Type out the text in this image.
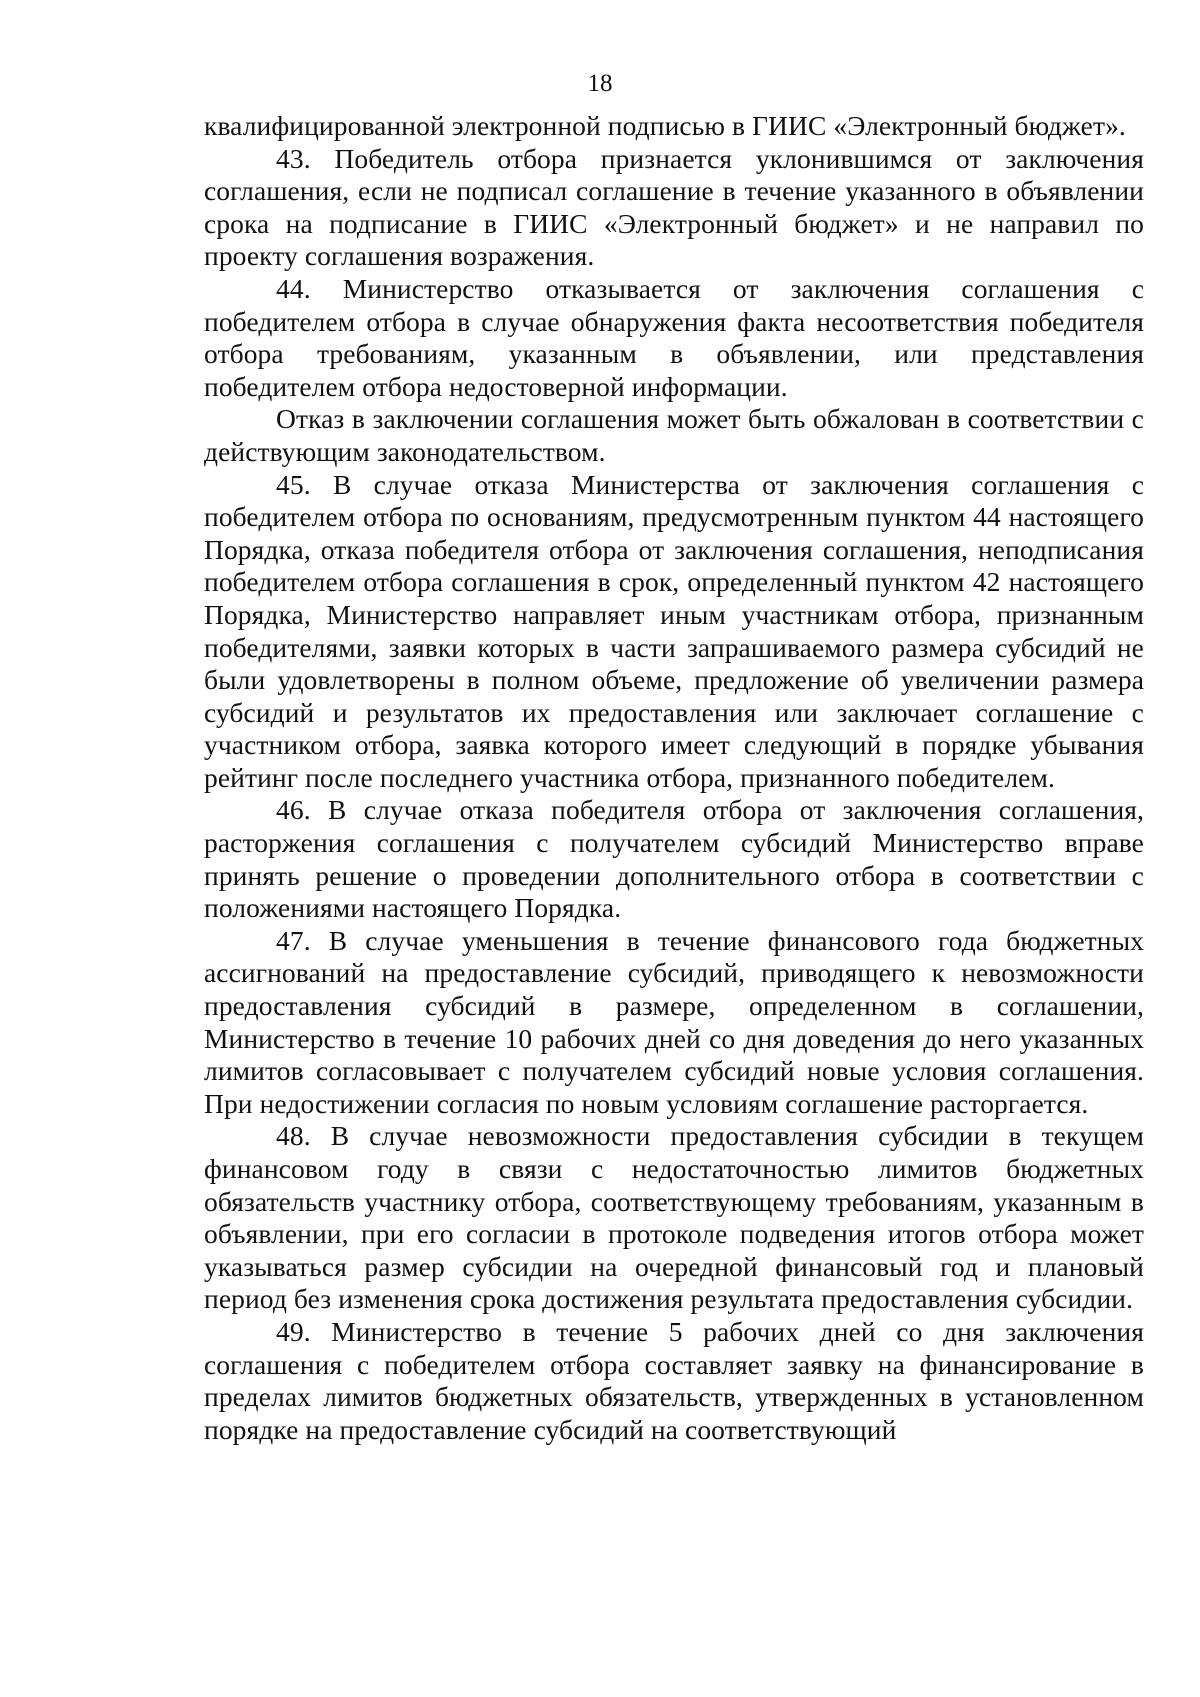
18

квалифицированной электронной подписью в ГИИС «Электронный бюджет».

43. Победитель отбора признается уклонившимся от заключения соглашения, если не подписал соглашение в течение указанного в объявлении срока на подписание в ГИИС «Электронный бюджет» и не направил по проекту соглашения возражения.

44. Министерство отказывается от заключения соглашения с победителем отбора в случае обнаружения факта несоответствия победителя отбора требованиям, указанным в объявлении, или представления победителем отбора недостоверной информации.

Отказ в заключении соглашения может быть обжалован в соответствии с действующим законодательством.

45. В случае отказа Министерства от заключения соглашения с победителем отбора по основаниям, предусмотренным пунктом 44 настоящего Порядка, отказа победителя отбора от заключения соглашения, неподписания победителем отбора соглашения в срок, определенный пунктом 42 настоящего Порядка, Министерство направляет иным участникам отбора, признанным победителями, заявки которых в части запрашиваемого размера субсидий не были удовлетворены в полном объеме, предложение об увеличении размера субсидий и результатов их предоставления или заключает соглашение с участником отбора, заявка которого имеет следующий в порядке убывания рейтинг после последнего участника отбора, признанного победителем.

46. В случае отказа победителя отбора от заключения соглашения, расторжения соглашения с получателем субсидий Министерство вправе принять решение о проведении дополнительного отбора в соответствии с положениями настоящего Порядка.

47. В случае уменьшения в течение финансового года бюджетных ассигнований на предоставление субсидий, приводящего к невозможности предоставления субсидий в размере, определенном в соглашении, Министерство в течение 10 рабочих дней со дня доведения до него указанных лимитов согласовывает с получателем субсидий новые условия соглашения. При недостижении согласия по новым условиям соглашение расторгается.

48. В случае невозможности предоставления субсидии в текущем финансовом году в связи с недостаточностью лимитов бюджетных обязательств участнику отбора, соответствующему требованиям, указанным в объявлении, при его согласии в протоколе подведения итогов отбора может указываться размер субсидии на очередной финансовый год и плановый период без изменения срока достижения результата предоставления субсидии.

49. Министерство в течение 5 рабочих дней со дня заключения соглашения с победителем отбора составляет заявку на финансирование в пределах лимитов бюджетных обязательств, утвержденных в установленном порядке на предоставление субсидий на соответствующий
